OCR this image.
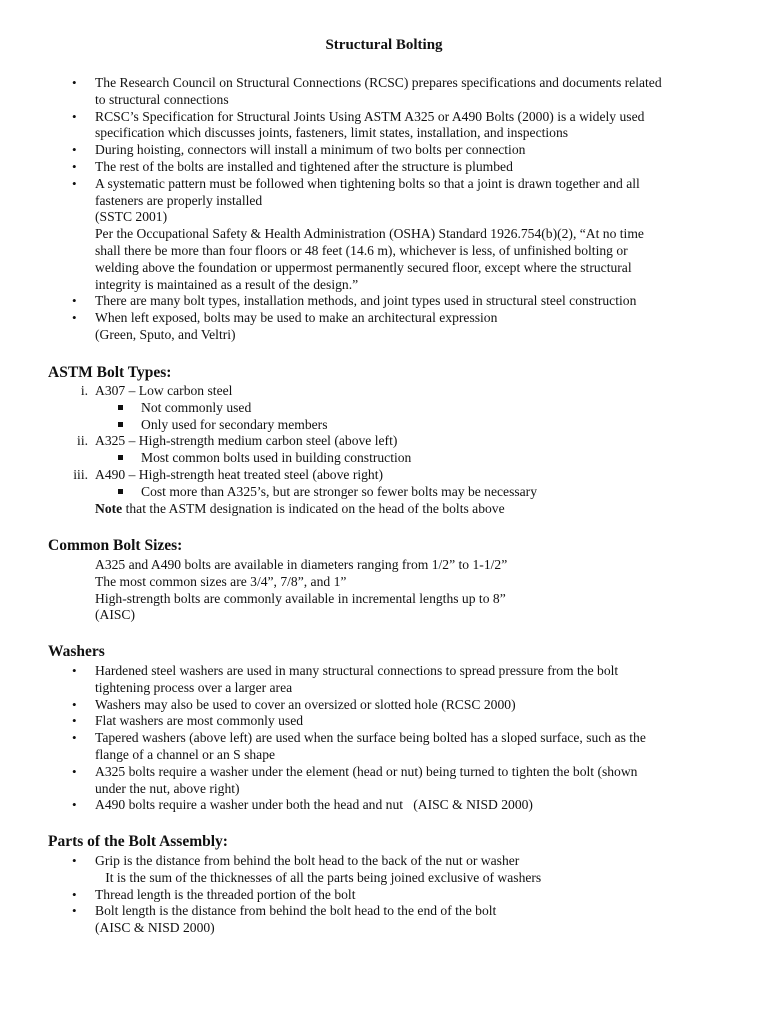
Structural Bolting
• The Research Council on Structural Connections (RCSC) prepares specifications and documents related
to structural connections
• RCSC’s Specification for Structural Joints Using ASTM A325 or A490 Bolts (2000) is a widely used
specification which discusses joints, fasteners, limit states, installation, and inspections
• During hoisting, connectors will install a minimum of two bolts per connection
• The rest of the bolts are installed and tightened after the structure is plumbed
• A systematic pattern must be followed when tightening bolts so that a joint is drawn together and all
fasteners are properly installed
(SSTC 2001)
Per the Occupational Safety & Health Administration (OSHA) Standard 1926.754(b)(2), “At no time
shall there be more than four floors or 48 feet (14.6 m), whichever is less, of unfinished bolting or
welding above the foundation or uppermost permanently secured floor, except where the structural
integrity is maintained as a result of the design.”
• There are many bolt types, installation methods, and joint types used in structural steel construction
• When left exposed, bolts may be used to make an architectural expression
(Green, Sputo, and Veltri)
ASTM Bolt Types:
i. A307 – Low carbon steel
Not commonly used
Only used for secondary members
ii. A325 – High-strength medium carbon steel (above left)
Most common bolts used in building construction
iii. A490 – High-strength heat treated steel (above right)
Cost more than A325’s, but are stronger so fewer bolts may be necessary
Note that the ASTM designation is indicated on the head of the bolts above
Common Bolt Sizes:
A325 and A490 bolts are available in diameters ranging from 1/2” to 1-1/2”
The most common sizes are 3/4”, 7/8”, and 1”
High-strength bolts are commonly available in incremental lengths up to 8”
(AISC)
Washers
• Hardened steel washers are used in many structural connections to spread pressure from the bolt
tightening process over a larger area
• Washers may also be used to cover an oversized or slotted hole (RCSC 2000)
• Flat washers are most commonly used
• Tapered washers (above left) are used when the surface being bolted has a sloped surface, such as the
flange of a channel or an S shape
• A325 bolts require a washer under the element (head or nut) being turned to tighten the bolt (shown
under the nut, above right)
• A490 bolts require a washer under both the head and nut   (AISC & NISD 2000)
Parts of the Bolt Assembly:
• Grip is the distance from behind the bolt head to the back of the nut or washer
It is the sum of the thicknesses of all the parts being joined exclusive of washers
• Thread length is the threaded portion of the bolt
• Bolt length is the distance from behind the bolt head to the end of the bolt
(AISC & NISD 2000)
